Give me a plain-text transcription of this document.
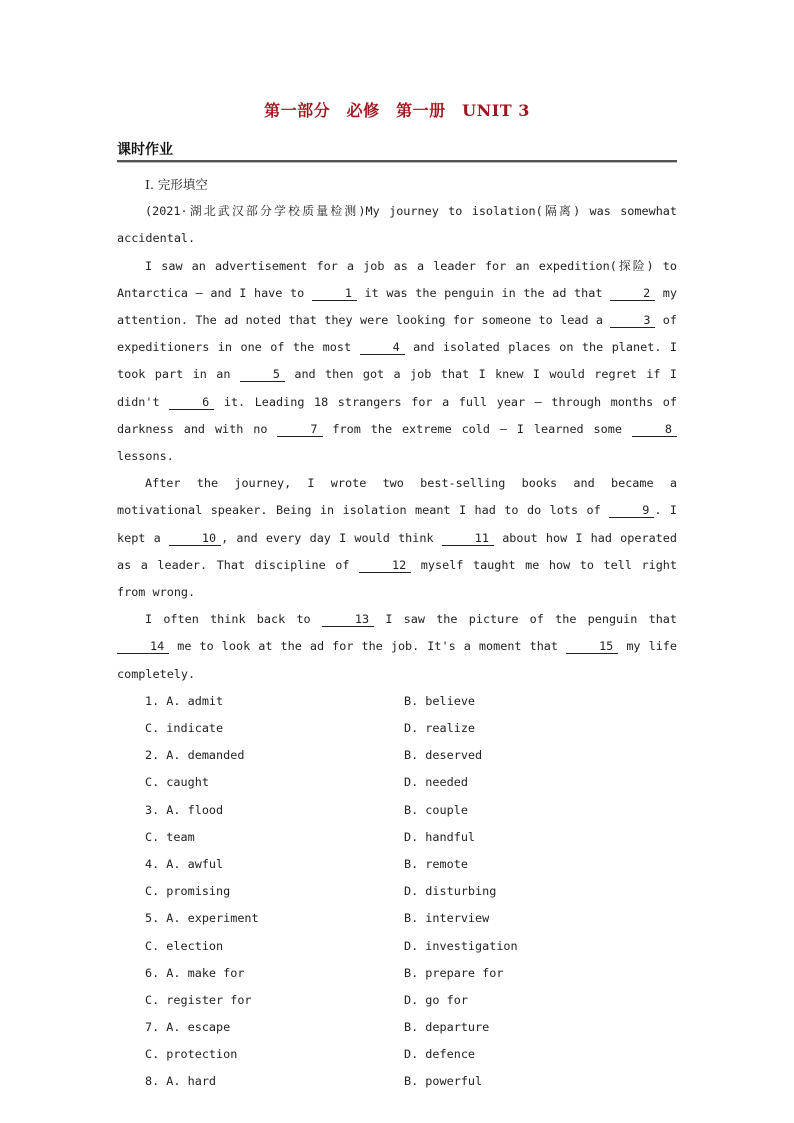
第一部分　必修　第一册　UNIT 3
课时作业

Ⅰ. 完形填空

(2021·湖北武汉部分学校质量检测)My journey to isolation(隔离) was somewhat accidental.

I saw an advertisement for a job as a leader for an expedition(探险) to Antarctica — and I have to	1 it was the penguin in the ad that	2 my attention. The ad noted that they were looking for someone to lead a	3 of expeditioners in one of the most	4 and isolated places on the planet. I took part in an	5 and then got a job that I knew I would regret if I didn't	6 it. Leading 18 strangers for a full year — through months of darkness and with no	7 from the extreme cold — I learned some	8 lessons.

After the journey, I wrote two best-selling books and became a motivational speaker. Being in isolation meant I had to do lots of	9 . I kept a	10 , and every day I would think	11 about how I had operated as a leader. That discipline of	12 myself taught me how to tell right from wrong.

I often think back to	13 I saw the picture of the penguin that 14 me to look at the ad for the job. It's a moment that	15 my life completely.

1. A. admit	B. believe
C. indicate	D. realize
2. A. demanded	B. deserved
C. caught	D. needed
3. A. flood	B. couple
C. team	D. handful
4. A. awful	B. remote
C. promising	D. disturbing
5. A. experiment	B. interview
C. election	D. investigation
6. A. make for	B. prepare for
C. register for	D. go for
7. A. escape	B. departure
C. protection	D. defence
8. A. hard	B. powerful
